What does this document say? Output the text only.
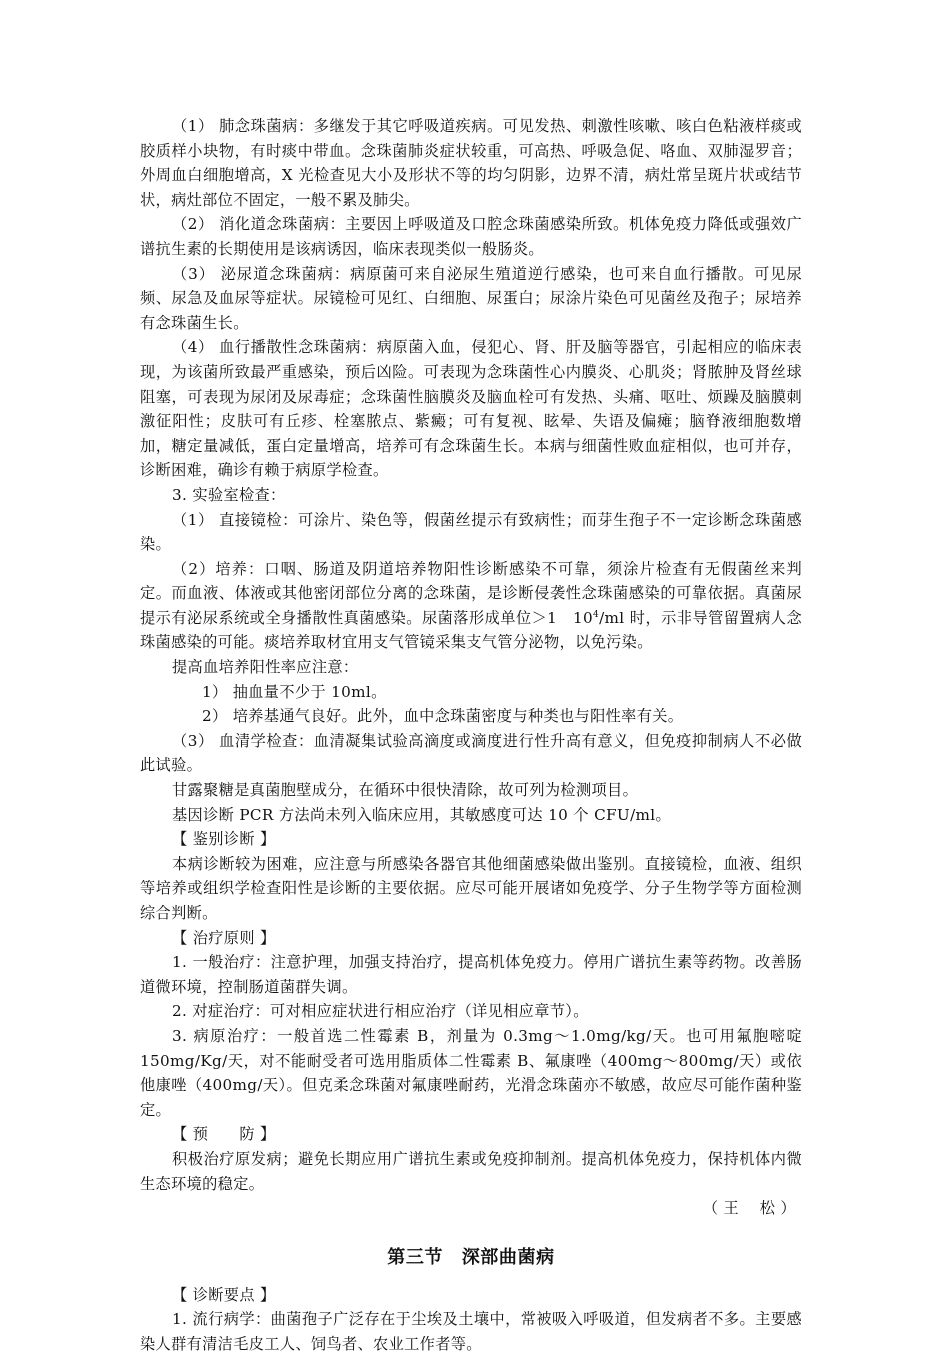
（1） 肺念珠菌病：多继发于其它呼吸道疾病。可见发热、刺激性咳嗽、咳白色粘液样痰或胶质样小块物，有时痰中带血。念珠菌肺炎症状较重，可高热、呼吸急促、咯血、双肺湿罗音；外周血白细胞增高，X 光检查见大小及形状不等的均匀阴影，边界不清，病灶常呈斑片状或结节状，病灶部位不固定，一般不累及肺尖。

（2） 消化道念珠菌病：主要因上呼吸道及口腔念珠菌感染所致。机体免疫力降低或强效广谱抗生素的长期使用是该病诱因，临床表现类似一般肠炎。

（3） 泌尿道念珠菌病：病原菌可来自泌尿生殖道逆行感染，也可来自血行播散。可见尿频、尿急及血尿等症状。尿镜检可见红、白细胞、尿蛋白；尿涂片染色可见菌丝及孢子；尿培养有念珠菌生长。

（4） 血行播散性念珠菌病：病原菌入血，侵犯心、肾、肝及脑等器官，引起相应的临床表现，为该菌所致最严重感染，预后凶险。可表现为念珠菌性心内膜炎、心肌炎；肾脓肿及肾丝球阻塞，可表现为尿闭及尿毒症；念珠菌性脑膜炎及脑血栓可有发热、头痛、呕吐、烦躁及脑膜刺激征阳性；皮肤可有丘疹、栓塞脓点、紫癜；可有复视、眩晕、失语及偏瘫；脑脊液细胞数增加，糖定量减低，蛋白定量增高，培养可有念珠菌生长。本病与细菌性败血症相似，也可并存，诊断困难，确诊有赖于病原学检查。

3. 实验室检查：

（1） 直接镜检：可涂片、染色等，假菌丝提示有致病性；而芽生孢子不一定诊断念珠菌感染。

（2）培养：口咽、肠道及阴道培养物阳性诊断感染不可靠，须涂片检查有无假菌丝来判定。而血液、体液或其他密闭部位分离的念珠菌，是诊断侵袭性念珠菌感染的可靠依据。真菌尿提示有泌尿系统或全身播散性真菌感染。尿菌落形成单位＞1　$10^4/ml$ 时，示非导管留置病人念珠菌感染的可能。痰培养取材宜用支气管镜采集支气管分泌物，以免污染。

提高血培养阳性率应注意：

1） 抽血量不少于 10ml。

2） 培养基通气良好。此外，血中念珠菌密度与种类也与阳性率有关。

（3） 血清学检查：血清凝集试验高滴度或滴度进行性升高有意义，但免疫抑制病人不必做此试验。

甘露聚糖是真菌胞壁成分，在循环中很快清除，故可列为检测项目。

基因诊断 PCR 方法尚未列入临床应用，其敏感度可达 10 个 CFU/ml。

【 鉴别诊断 】

本病诊断较为困难，应注意与所感染各器官其他细菌感染做出鉴别。直接镜检，血液、组织等培养或组织学检查阳性是诊断的主要依据。应尽可能开展诸如免疫学、分子生物学等方面检测综合判断。

【 治疗原则 】

1. 一般治疗：注意护理，加强支持治疗，提高机体免疫力。停用广谱抗生素等药物。改善肠道微环境，控制肠道菌群失调。

2. 对症治疗：可对相应症状进行相应治疗（详见相应章节）。

3. 病原治疗：一般首选二性霉素 B，剂量为 0.3mg～1.0mg/kg/天。也可用氟胞嘧啶 150mg/Kg/天，对不能耐受者可选用脂质体二性霉素 B、氟康唑（400mg～800mg/天）或依他康唑（400mg/天）。但克柔念珠菌对氟康唑耐药，光滑念珠菌亦不敏感，故应尽可能作菌种鉴定。

【 预　　防 】

积极治疗原发病；避免长期应用广谱抗生素或免疫抑制剂。提高机体免疫力，保持机体内微生态环境的稳定。

（ 王　 松 ）

第三节　深部曲菌病

【 诊断要点 】

1. 流行病学：曲菌孢子广泛存在于尘埃及土壤中，常被吸入呼吸道，但发病者不多。主要感染人群有清洁毛皮工人、饲鸟者、农业工作者等。
